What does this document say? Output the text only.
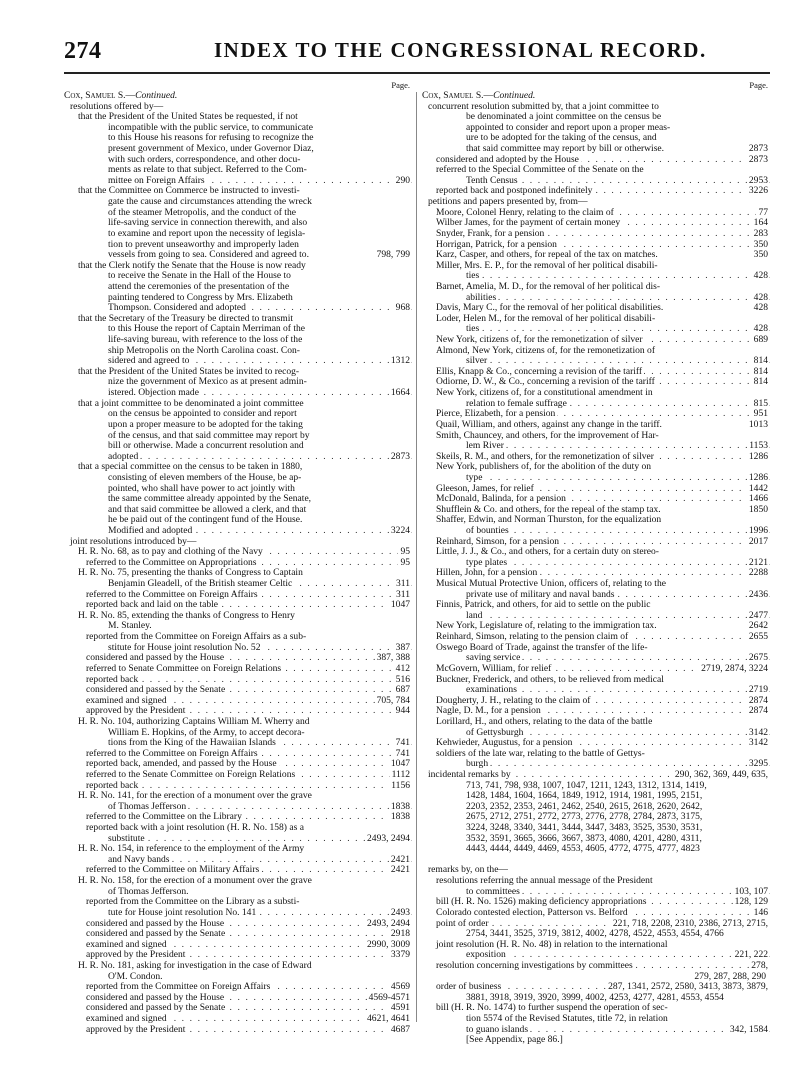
274	INDEX TO THE CONGRESSIONAL RECORD.
Page.
Cox, Samuel S.—Continued.
resolutions offered by—
that the President of the United States be requested, if not
incompatible with the public service, to communicate
to this House his reasons for refusing to recognize the
present government of Mexico, under Governor Diaz,
with such orders, correspondence, and other docu-
ments as relate to that subject. Referred to the Com-
. . .
mittee on Foreign Affairs	290
that the Committee on Commerce be instructed to investi-
gate the cause and circumstances attending the wreck
of the steamer Metropolis, and the conduct of the
life-saving service in connection therewith, and also
to examine and report upon the necessity of legisla-
tion to prevent unseaworthy and improperly laden
vessels from going to sea. Considered and agreed to.	798, 799
that the Clerk notify the Senate that the House is now ready
to receive the Senate in the Hall of the House to
attend the ceremonies of the presentation of the
painting tendered to Congress by Mrs. Elizabeth
. . .
Thompson. Considered and adopted	968
that the Secretary of the Treasury be directed to transmit
to this House the report of Captain Merriman of the
life-saving bureau, with reference to the loss of the
ship Metropolis on the North Carolina coast. Con-
. . .
sidered and agreed to	1312
that the President of the United States be invited to recog-
nize the government of Mexico as at present admin-
. . .
istered. Objection made	1664
that a joint committee to be denominated a joint committee
on the census be appointed to consider and report
upon a proper measure to be adopted for the taking
of the census, and that said committee may report by
bill or otherwise. Made a concurrent resolution and
. . .
adopted	2873
that a special committee on the census to be taken in 1880,
consisting of eleven members of the House, be ap-
pointed, who shall have power to act jointly with
the same committee already appointed by the Senate,
and that said committee be allowed a clerk, and that
he be paid out of the contingent fund of the House.
. . .
Modified and adopted	3224
joint resolutions introduced by—
. . .
H. R. No. 68, as to pay and clothing of the Navy	95
. . .
referred to the Committee on Appropriations	95
H. R. No. 75, presenting the thanks of Congress to Captain
. . .
Benjamin Gleadell, of the British steamer Celtic	311
. . .
referred to the Committee on Foreign Affairs	311
. . .
reported back and laid on the table	1047
H. R. No. 85, extending the thanks of Congress to Henry
M. Stanley.
reported from the Committee on Foreign Affairs as a sub-
. . .
stitute for House joint resolution No. 52	387
. . .
considered and passed by the House	387, 388
. . .
referred to Senate Committee on Foreign Relations	412
. . .
reported back	516
. . .
considered and passed by the Senate	687
. . .
examined and signed	705, 784
. . .
approved by the President	944
H. R. No. 104, authorizing Captains William M. Wherry and
William E. Hopkins, of the Army, to accept decora-
. . .
tions from the King of the Hawaiian Islands	741
. . .
referred to the Committee on Foreign Affairs	741
. . .
reported back, amended, and passed by the House	1047
. . .
referred to the Senate Committee on Foreign Relations	1112
. . .
reported back	1156
H. R. No. 141, for the erection of a monument over the grave
. . .
of Thomas Jefferson	1838
. . .
referred to the Committee on the Library	1838
reported back with a joint resolution (H. R. No. 158) as a
. . .
substitute	2493, 2494
H. R. No. 154, in reference to the employment of the Army
. . .
and Navy bands	2421
. . .
referred to the Committee on Military Affairs	2421
H. R. No. 158, for the erection of a monument over the grave
of Thomas Jefferson.
reported from the Committee on the Library as a substi-
. . .
tute for House joint resolution No. 141	2493
. . .
considered and passed by the House	2493, 2494
. . .
considered and passed by the Senate	2918
. . .
examined and signed	2990, 3009
. . .
approved by the President	3379
H. R. No. 181, asking for investigation in the case of Edward
O'M. Condon.
. . .
reported from the Committee on Foreign Affairs	4569
. . .
considered and passed by the House	4569-4571
. . .
considered and passed by the Senate	4591
. . .
examined and signed	4621, 4641
. . .
approved by the President	4687
Page.
Cox, Samuel S.—Continued.
concurrent resolution submitted by, that a joint committee to
be denominated a joint committee on the census be
appointed to consider and report upon a proper meas-
ure to be adopted for the taking of the census, and
that said committee may report by bill or otherwise.	2873
. . .
considered and adopted by the House	2873
referred to the Special Committee of the Senate on the
. . .
Tenth Census	2953
. . .
reported back and postponed indefinitely	3226
petitions and papers presented by, from—
. . .
Moore, Colonel Henry, relating to the claim of	77
. . .
Wilber James, for the payment of certain money	164
. . .
Snyder, Frank, for a pension	283
. . .
Horrigan, Patrick, for a pension	350
Karz, Casper, and others, for repeal of the tax on matches.	350
Miller, Mrs. E. P., for the removal of her political disabili-
. . .
ties	428
Barnet, Amelia, M. D., for the removal of her political dis-
. . .
abilities	428
Davis, Mary C., for the removal of her political disabilities.	428
Loder, Helen M., for the removal of her political disabili-
. . .
ties	428
. . .
New York, citizens of, for the remonetization of silver	689
Almond, New York, citizens of, for the remonetization of
. . .
silver	814
. . .
Ellis, Knapp & Co., concerning a revision of the tariff	814
. . .
Odiorne, D. W., & Co., concerning a revision of the tariff	814
New York, citizens of, for a constitutional amendment in
. . .
relation to female suffrage	815
. . .
Pierce, Elizabeth, for a pension	951
Quail, William, and others, against any change in the tariff.	1013
Smith, Chauncey, and others, for the improvement of Har-
. . .
lem River	1153
. . .
Skeils, R. M., and others, for the remonetization of silver	1286
New York, publishers of, for the abolition of the duty on
. . .
type	1286
. . .
Gleeson, James, for relief	1442
. . .
McDonald, Balinda, for a pension	1466
Shufflein & Co. and others, for the repeal of the stamp tax.	1850
Shaffer, Edwin, and Norman Thurston, for the equalization
. . .
of bounties	1996
. . .
Reinhard, Simson, for a pension	2017
Little, J. J., & Co., and others, for a certain duty on stereo-
. . .
type plates	2121
. . .
Hillen, John, for a pension	2288
Musical Mutual Protective Union, officers of, relating to the
. . .
private use of military and naval bands	2436
Finnis, Patrick, and others, for aid to settle on the public
. . .
land	2477
New York, Legislature of, relating to the immigration tax.	2642
. . .
Reinhard, Simson, relating to the pension claim of	2655
Oswego Board of Trade, against the transfer of the life-
. . .
saving service	2675
. . .
McGovern, William, for relief	2719, 2874, 3224
Buckner, Frederick, and others, to be relieved from medical
. . .
examinations	2719
. . .
Dougherty, J. H., relating to the claim of	2874
. . .
Nagle, D. M., for a pension	2874
Lorillard, H., and others, relating to the data of the battle
. . .
of Gettysburgh	3142
. . .
Kehwieder, Augustus, for a pension	3142
soldiers of the late war, relating to the battle of Gettys-
. . .
burgh	3295
. . .
incidental remarks by	290, 362, 369, 449, 635,
713, 741, 798, 938, 1007, 1047, 1211, 1243, 1312, 1314, 1419,
1428, 1484, 1604, 1664, 1849, 1912, 1914, 1981, 1995, 2151,
2203, 2352, 2353, 2461, 2462, 2540, 2615, 2618, 2620, 2642,
2675, 2712, 2751, 2772, 2773, 2776, 2778, 2784, 2873, 3175,
3224, 3248, 3340, 3441, 3444, 3447, 3483, 3525, 3530, 3531,
3532, 3591, 3665, 3666, 3667, 3873, 4080, 4201, 4280, 4311,
4443, 4444, 4449, 4469, 4553, 4605, 4772, 4775, 4777, 4823
remarks by, on the—
resolutions referring the annual message of the President
. . .
to committees	103, 107
. . .
bill (H. R. No. 1526) making deficiency appropriations	128, 129
. . .
Colorado contested election, Patterson vs. Belford	146
. . .
point of order	221, 718, 2208, 2310, 2386, 2713, 2715,
2754, 3441, 3525, 3719, 3812, 4002, 4278, 4522, 4553, 4554, 4766
joint resolution (H. R. No. 48) in relation to the international
. . .
exposition	221, 222
. . .
resolution concerning investigations by committees	278,
279, 287, 288, 290
. . .
order of business	287, 1341, 2572, 2580, 3413, 3873, 3879,
3881, 3918, 3919, 3920, 3999, 4002, 4253, 4277, 4281, 4553, 4554
bill (H. R. No. 1474) to further suspend the operation of sec-
tion 5574 of the Revised Statutes, title 72, in relation
. . .
to guano islands	342, 1584
[See Appendix, page 86.]
